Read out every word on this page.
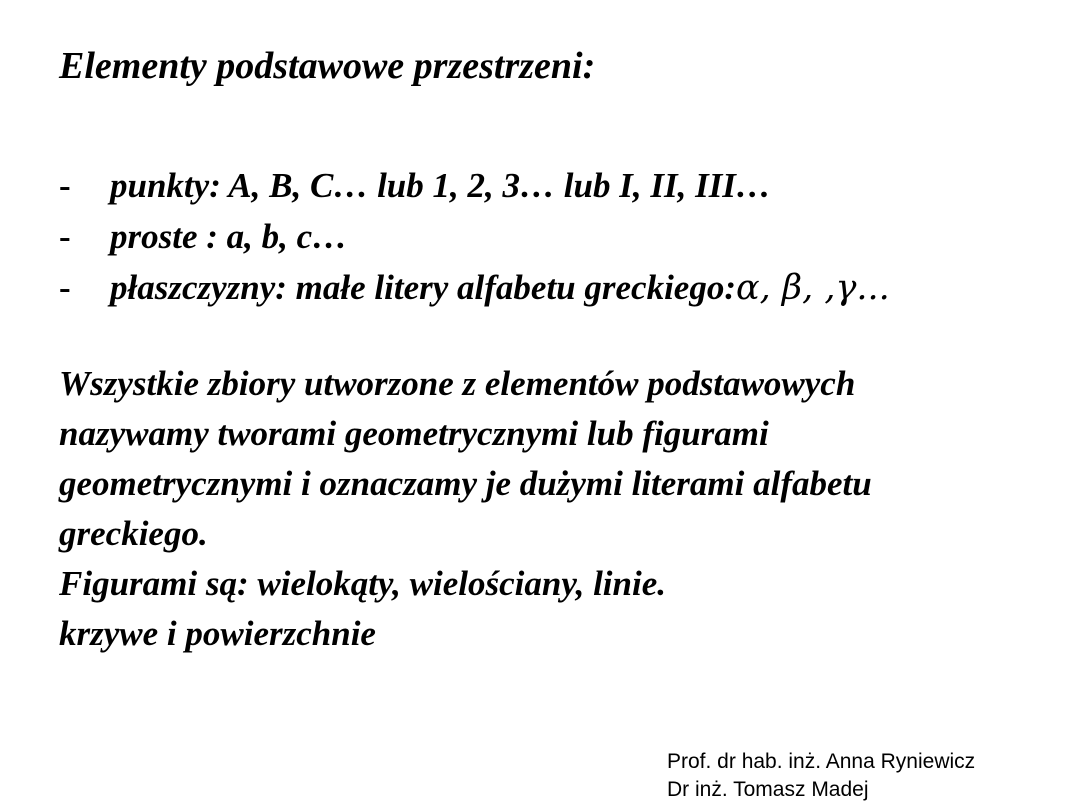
Elementy podstawowe przestrzeni:
-	punkty: A, B, C… lub 1, 2, 3… lub I, II, III…
-	proste : a, b, c…
-	płaszczyzny: małe litery alfabetu greckiego: α, β, ,γ...
Wszystkie zbiory utworzone z elementów podstawowych
nazywamy tworami geometrycznymi lub figurami
geometrycznymi i oznaczamy je dużymi literami alfabetu
greckiego.
Figurami są: wielokąty, wielościany, linie.
krzywe i powierzchnie
Prof. dr hab. inż. Anna Ryniewicz
Dr inż. Tomasz Madej
